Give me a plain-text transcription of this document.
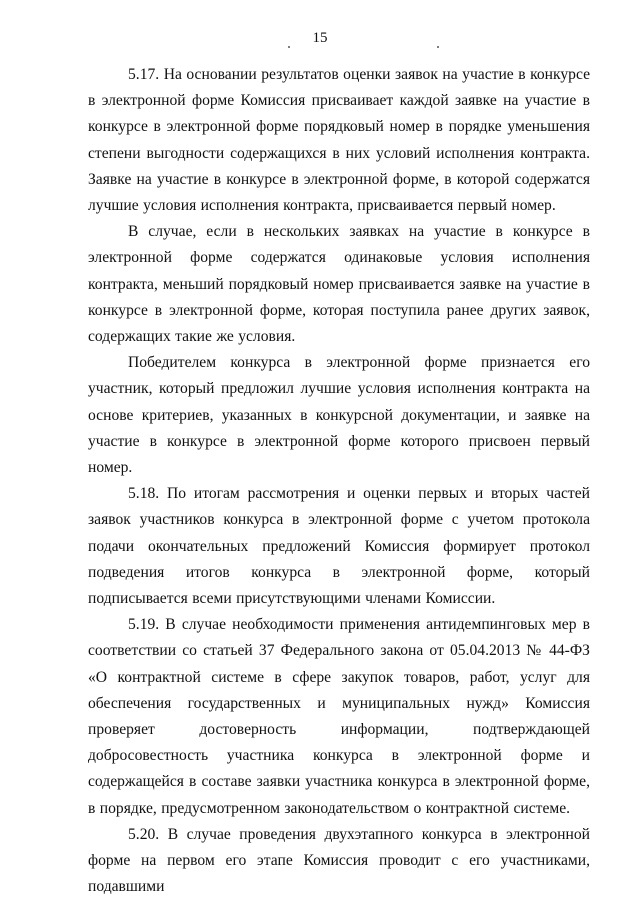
15

5.17. На основании результатов оценки заявок на участие в конкурсе в электронной форме Комиссия присваивает каждой заявке на участие в конкурсе в электронной форме порядковый номер в порядке уменьшения степени выгодности содержащихся в них условий исполнения контракта. Заявке на участие в конкурсе в электронной форме, в которой содержатся лучшие условия исполнения контракта, присваивается первый номер.

В случае, если в нескольких заявках на участие в конкурсе в электронной форме содержатся одинаковые условия исполнения контракта, меньший порядковый номер присваивается заявке на участие в конкурсе в электронной форме, которая поступила ранее других заявок, содержащих такие же условия.

Победителем конкурса в электронной форме признается его участник, который предложил лучшие условия исполнения контракта на основе критериев, указанных в конкурсной документации, и заявке на участие в конкурсе в электронной форме которого присвоен первый номер.

5.18. По итогам рассмотрения и оценки первых и вторых частей заявок участников конкурса в электронной форме с учетом протокола подачи окончательных предложений Комиссия формирует протокол подведения итогов конкурса в электронной форме, который подписывается всеми присутствующими членами Комиссии.

5.19. В случае необходимости применения антидемпинговых мер в соответствии со статьей 37 Федерального закона от 05.04.2013 № 44-ФЗ «О контрактной системе в сфере закупок товаров, работ, услуг для обеспечения государственных и муниципальных нужд» Комиссия проверяет достоверность информации, подтверждающей добросовестность участника конкурса в электронной форме и содержащейся в составе заявки участника конкурса в электронной форме, в порядке, предусмотренном законодательством о контрактной системе.

5.20. В случае проведения двухэтапного конкурса в электронной форме на первом его этапе Комиссия проводит с его участниками, подавшими
